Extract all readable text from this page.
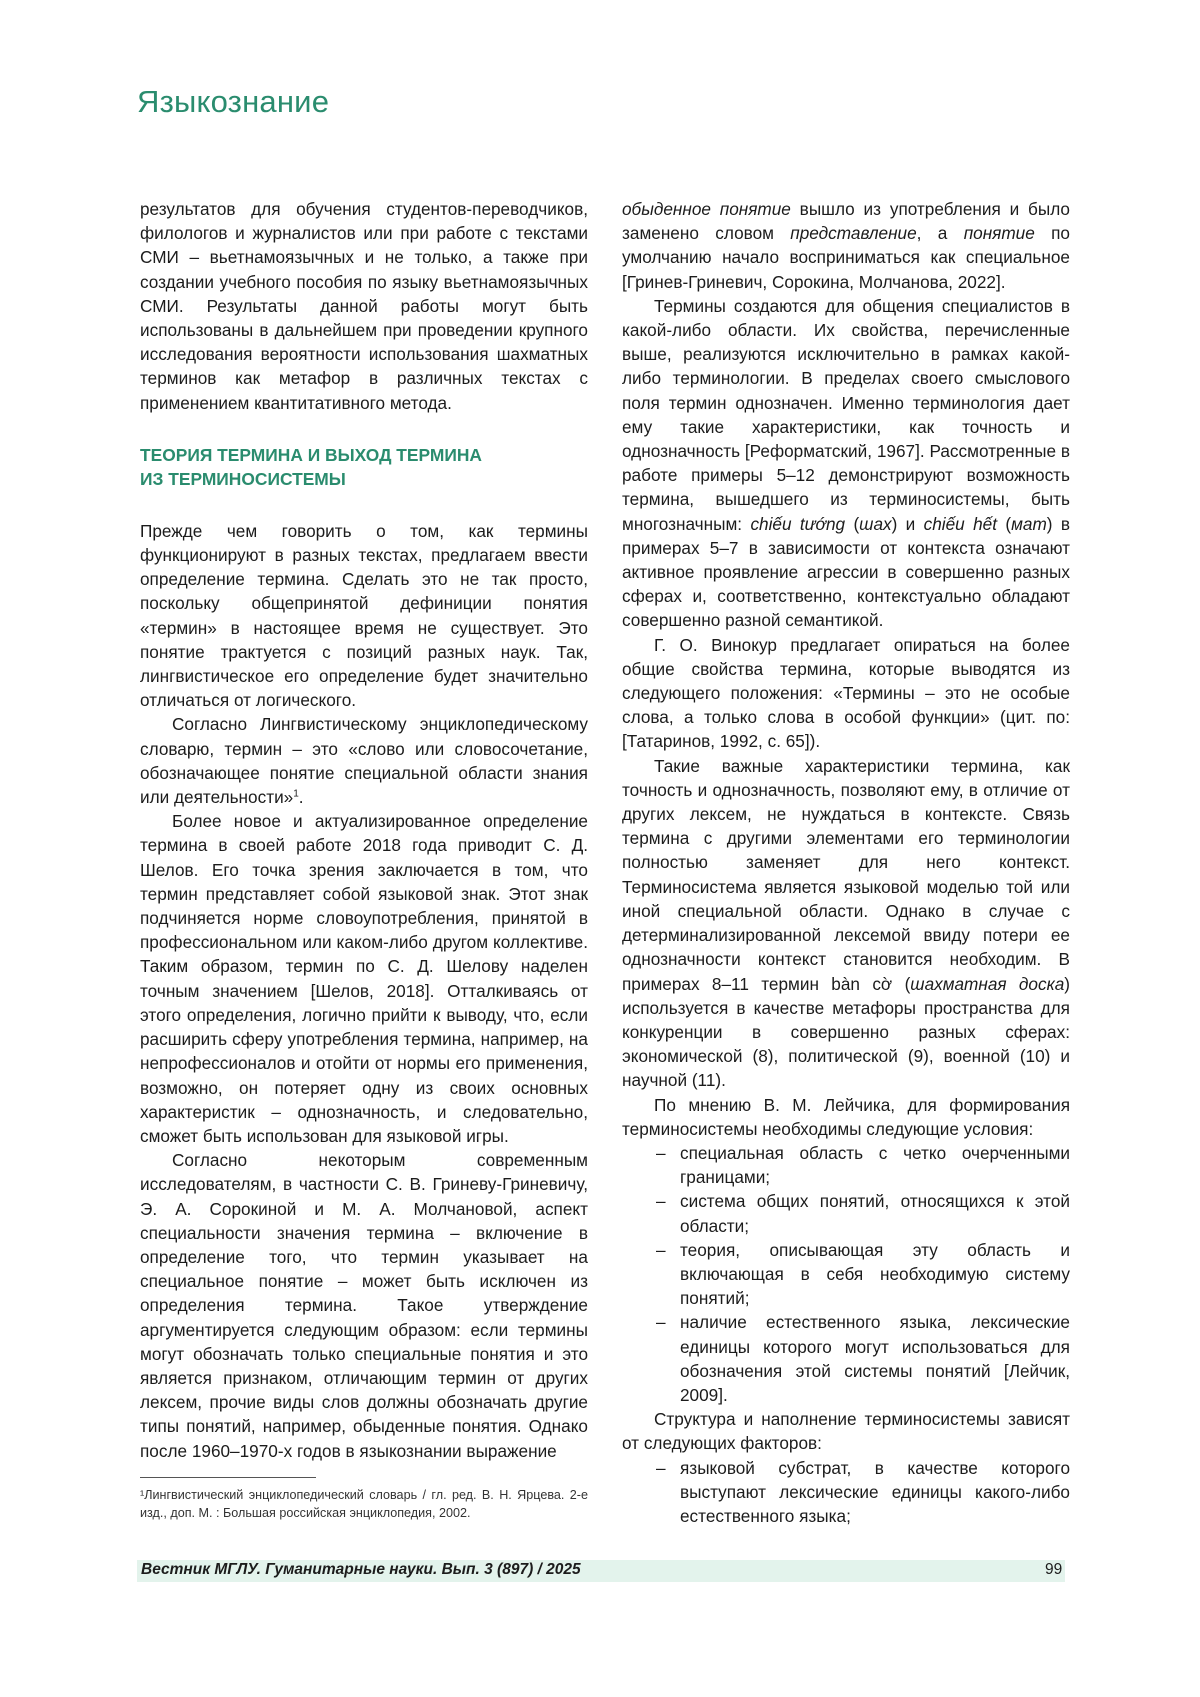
Языкознание

результатов для обучения студентов-переводчиков, филологов и журналистов или при работе с текстами СМИ – вьетнамоязычных и не только, а также при создании учебного пособия по языку вьетнамоязычных СМИ. Результаты данной работы могут быть использованы в дальнейшем при проведении крупного исследования вероятности использования шахматных терминов как метафор в различных текстах с применением квантитативного метода.

ТЕОРИЯ ТЕРМИНА И ВЫХОД ТЕРМИНА
ИЗ ТЕРМИНОСИСТЕМЫ

Прежде чем говорить о том, как термины функционируют в разных текстах, предлагаем ввести определение термина. Сделать это не так просто, поскольку общепринятой дефиниции понятия «термин» в настоящее время не существует. Это понятие трактуется с позиций разных наук. Так, лингвистическое его определение будет значительно отличаться от логического.

Согласно Лингвистическому энциклопедическому словарю, термин – это «слово или словосочетание, обозначающее понятие специальной области знания или деятельности»$^1$.

Более новое и актуализированное определение термина в своей работе 2018 года приводит С. Д. Шелов. Его точка зрения заключается в том, что термин представляет собой языковой знак. Этот знак подчиняется норме словоупотребления, принятой в профессиональном или каком-либо другом коллективе. Таким образом, термин по С. Д. Шелову наделен точным значением [Шелов, 2018]. Отталкиваясь от этого определения, логично прийти к выводу, что, если расширить сферу употребления термина, например, на непрофессионалов и отойти от нормы его применения, возможно, он потеряет одну из своих основных характеристик – однозначность, и следовательно, сможет быть использован для языковой игры.

Согласно некоторым современным исследователям, в частности С. В. Гриневу-Гриневичу, Э. А. Сорокиной и М. А. Молчановой, аспект специальности значения термина – включение в определение того, что термин указывает на специальное понятие – может быть исключен из определения термина. Такое утверждение аргументируется следующим образом: если термины могут обозначать только специальные понятия и это является признаком, отличающим термин от других лексем, прочие виды слов должны обозначать другие типы понятий, например, обыденные понятия. Однако после 1960–1970-х годов в языкознании выражение

¹Лингвистический энциклопедический словарь / гл. ред. В. Н. Ярцева. 2-е изд., доп. М. : Большая российская энциклопедия, 2002.

обыденное понятие вышло из употребления и было заменено словом представление, а понятие по умолчанию начало восприниматься как специальное [Гринев-Гриневич, Сорокина, Молчанова, 2022].

Термины создаются для общения специалистов в какой-либо области. Их свойства, перечисленные выше, реализуются исключительно в рамках какой-либо терминологии. В пределах своего смыслового поля термин однозначен. Именно терминология дает ему такие характеристики, как точность и однозначность [Реформатский, 1967]. Рассмотренные в работе примеры 5–12 демонстрируют возможность термина, вышедшего из терминосистемы, быть многозначным: chiếu tướng (шах) и chiếu hết (мат) в примерах 5–7 в зависимости от контекста означают активное проявление агрессии в совершенно разных сферах и, соответственно, контекстуально обладают совершенно разной семантикой.

Г. О. Винокур предлагает опираться на более общие свойства термина, которые выводятся из следующего положения: «Термины – это не особые слова, а только слова в особой функции» (цит. по: [Татаринов, 1992, с. 65]).

Такие важные характеристики термина, как точность и однозначность, позволяют ему, в отличие от других лексем, не нуждаться в контексте. Связь термина с другими элементами его терминологии полностью заменяет для него контекст. Терминосистема является языковой моделью той или иной специальной области. Однако в случае с детерминализированной лексемой ввиду потери ее однозначности контекст становится необходим. В примерах 8–11 термин bàn cờ (шахматная доска) используется в качестве метафоры пространства для конкуренции в совершенно разных сферах: экономической (8), политической (9), военной (10) и научной (11).

По мнению В. М. Лейчика, для формирования терминосистемы необходимы следующие условия:

– специальная область с четко очерченными границами;
– система общих понятий, относящихся к этой области;
– теория, описывающая эту область и включающая в себя необходимую систему понятий;
– наличие естественного языка, лексические единицы которого могут использоваться для обозначения этой системы понятий [Лейчик, 2009].

Структура и наполнение терминосистемы зависят от следующих факторов:

– языковой субстрат, в качестве которого выступают лексические единицы какого-либо естественного языка;
Вестник МГЛУ. Гуманитарные науки. Вып. 3 (897) / 2025	99
